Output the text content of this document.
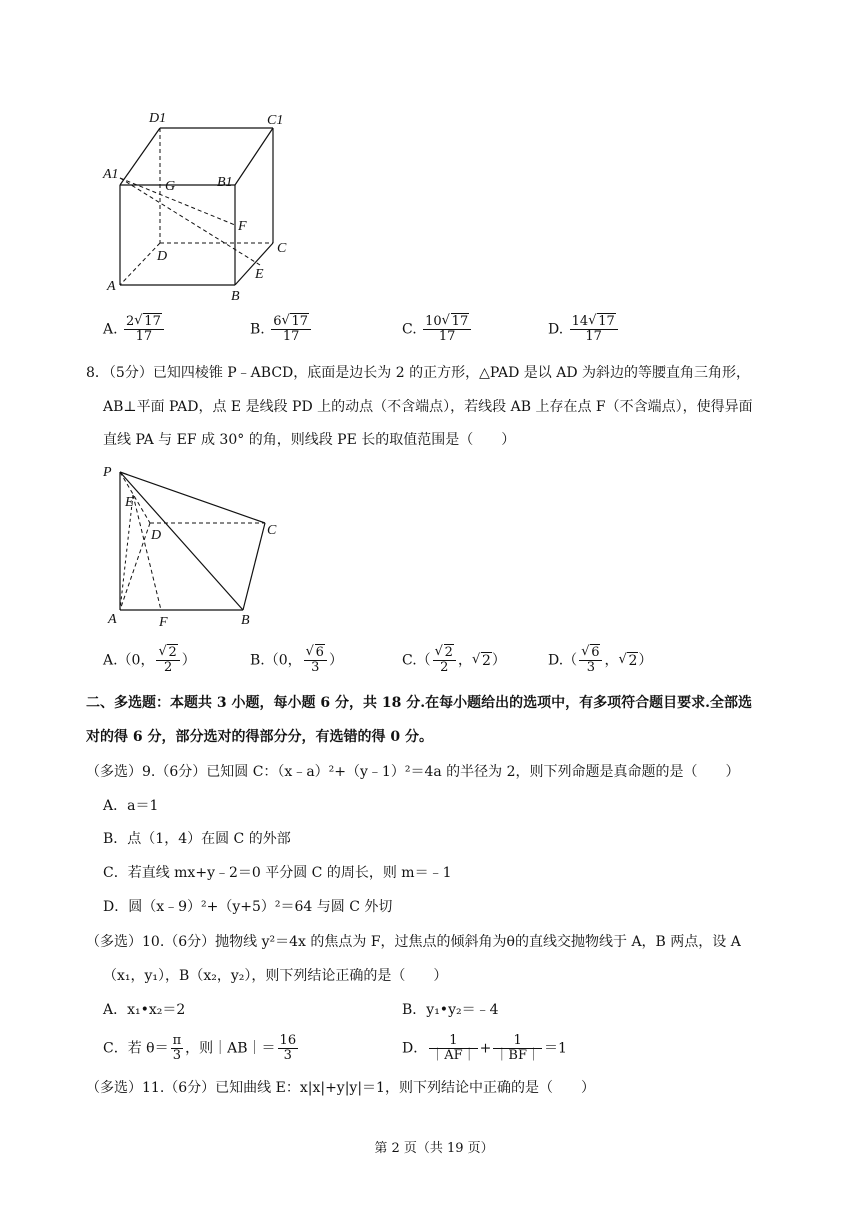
D1	C1
A1
G	B1
F
C
D
E
A
B
A. $\frac{2 √ 17}{17}$	B. $\frac{6 √ 17}{17}$	C. $\frac{10 √ 17}{17}$	D. $\frac{14 √ 17}{17}$
8．（5分）已知四棱锥 P﹣ABCD，底面是边长为 2 的正方形，△PAD 是以 AD 为斜边的等腰直角三角形，
AB⊥平面 PAD，点 E 是线段 PD 上的动点（不含端点），若线段 AB 上存在点 F（不含端点），使得异面
直线 PA 与 EF 成 30° 的角，则线段 PE 长的取值范围是（　　）
P
E
D	C
A	F	B
A.（0， √ $\frac{2}{2}$ ）	B.（0， √ $\frac{6}{3}$ ）	C.（ √ $\frac{2}{2}$ ， √ 2）	D.（ √ $\frac{6}{3}$ ， √ 2）
二、多选题：本题共 3 小题，每小题 6 分，共 18 分.在每小题给出的选项中，有多项符合题目要求.全部选
对的得 6 分，部分选对的得部分分，有选错的得 0 分。
（多选）9.（6分）已知圆 C：（x﹣a）²+（y﹣1）²＝4a 的半径为 2，则下列命题是真命题的是（　　）
A．a＝1
B．点（1，4）在圆 C 的外部
C．若直线 mx+y﹣2＝0 平分圆 C 的周长，则 m＝﹣1
D．圆（x﹣9）²+（y+5）²＝64 与圆 C 外切
（多选）10.（6分）抛物线 y²＝4x 的焦点为 F，过焦点的倾斜角为θ的直线交抛物线于 A，B 两点，设 A
（x₁，y₁），B（x₂，y₂），则下列结论正确的是（　　）
A．x₁•x₂＝2	B．y₁•y₂＝﹣4
C．若 $\theta= \frac{\pi}{3}$ ，则｜AB｜＝ $\frac{16}{3}$	D． $\frac{1}{|AF|} + \frac{1}{|BF|} =1$
（多选）11.（6分）已知曲线 E：x|x|+y|y|＝1，则下列结论中正确的是（　　）
第 2 页（共 19 页）
